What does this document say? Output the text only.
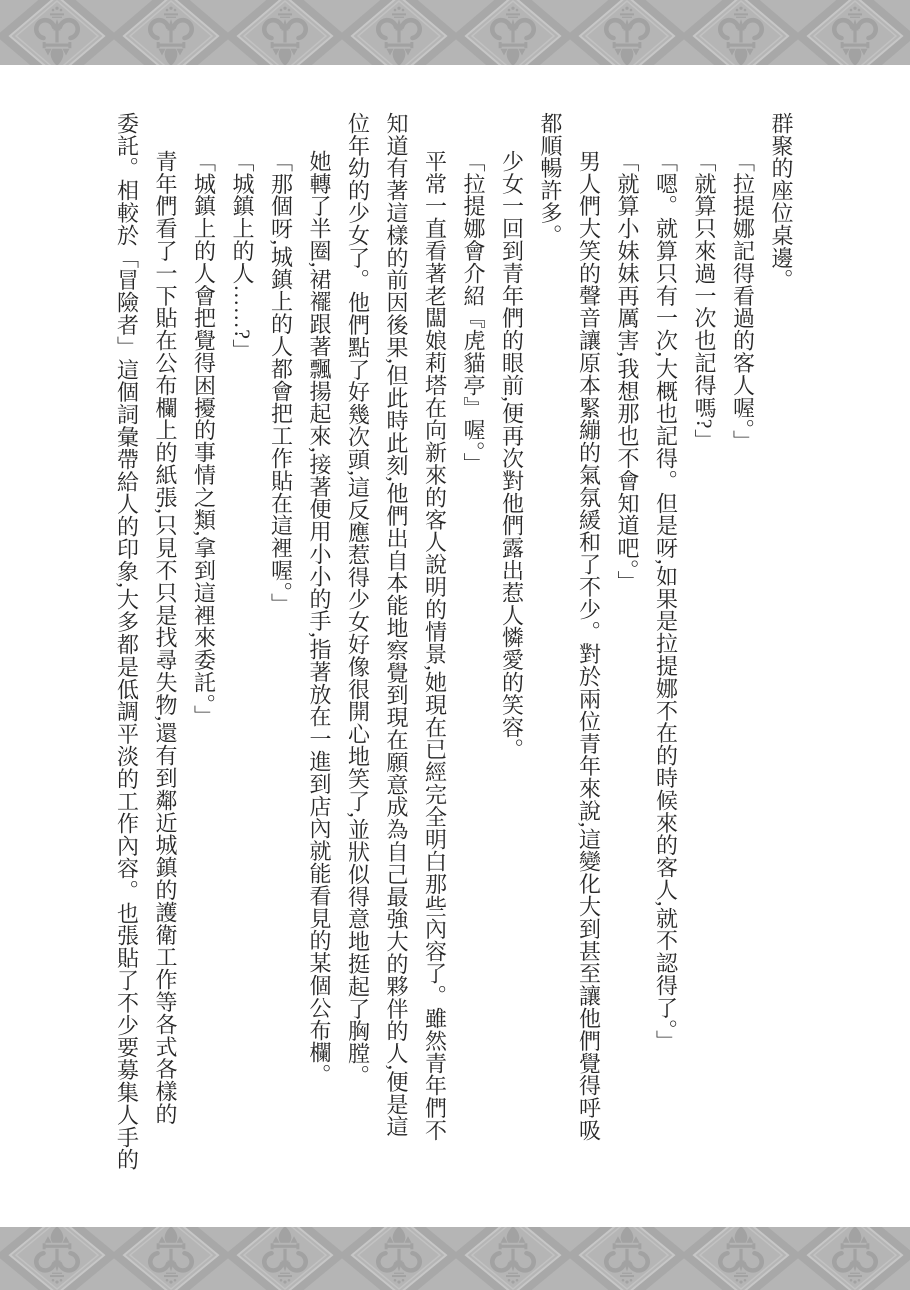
群聚的座位桌邊。

「拉提娜記得看過的客人喔。」

「就算只來過一次也記得嗎?」

「嗯。就算只有一次,大概也記得。但是呀,如果是拉提娜不在的時候來的客人,就不認得了。」

「就算小妹妹再厲害,我想那也不會知道吧。」

男人們大笑的聲音讓原本緊繃的氣氛緩和了不少。對於兩位青年來說,這變化大到甚至讓他們覺得呼吸

都順暢許多。

少女一回到青年們的眼前,便再次對他們露出惹人憐愛的笑容。

「拉提娜會介紹『虎貓亭』喔。」

平常一直看著老闆娘莉塔在向新來的客人說明的情景,她現在已經完全明白那些內容了。雖然青年們不

知道有著這樣的前因後果,但此時此刻,他們出自本能地察覺到現在願意成為自己最強大的夥伴的人,便是這

位年幼的少女了。他們點了好幾次頭,這反應惹得少女好像很開心地笑了,並狀似得意地挺起了胸膛。

她轉了半圈,裙襬跟著飄揚起來,接著便用小小的手,指著放在一進到店內就能看見的某個公布欄。

「那個呀,城鎮上的人都會把工作貼在這裡喔。」

「城鎮上的人……?」

「城鎮上的人會把覺得困擾的事情之類,拿到這裡來委託。」

青年們看了一下貼在公布欄上的紙張,只見不只是找尋失物,還有到鄰近城鎮的護衛工作等各式各樣的

委託。相較於「冒險者」這個詞彙帶給人的印象,大多都是低調平淡的工作內容。也張貼了不少要募集人手的
